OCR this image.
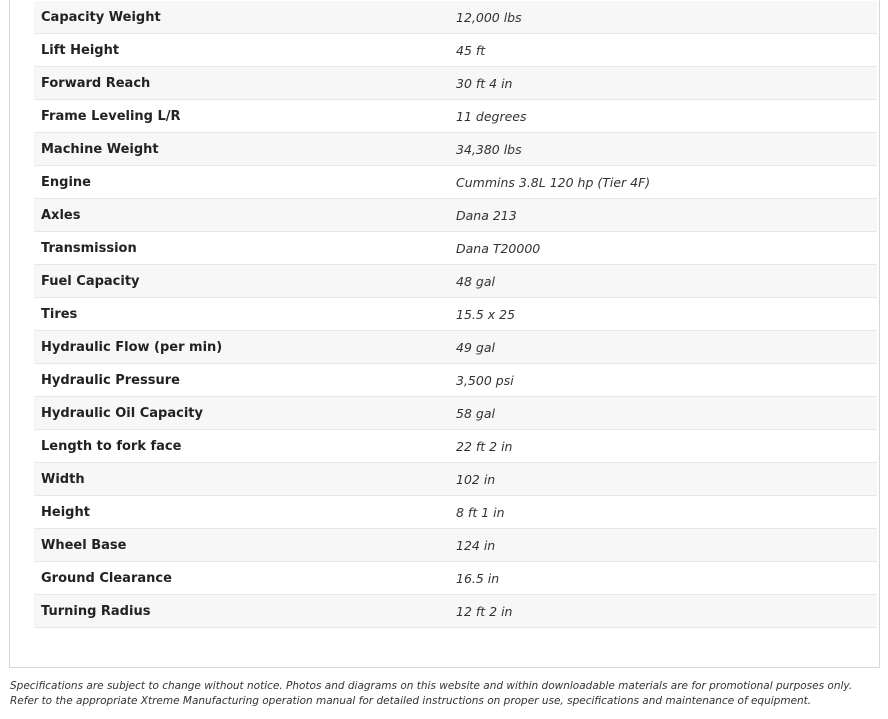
Capacity Weight	12,000 lbs
Lift Height	45 ft
Forward Reach	30 ft 4 in
Frame Leveling L/R	11 degrees
Machine Weight	34,380 lbs
Engine	Cummins 3.8L 120 hp (Tier 4F)
Axles	Dana 213
Transmission	Dana T20000
Fuel Capacity	48 gal
Tires	15.5 x 25
Hydraulic Flow (per min)	49 gal
Hydraulic Pressure	3,500 psi
Hydraulic Oil Capacity	58 gal
Length to fork face	22 ft 2 in
Width	102 in
Height	8 ft 1 in
Wheel Base	124 in
Ground Clearance	16.5 in
Turning Radius	12 ft 2 in

Specifications are subject to change without notice. Photos and diagrams on this website and within downloadable materials are for promotional purposes only. Refer to the appropriate Xtreme Manufacturing operation manual for detailed instructions on proper use, specifications and maintenance of equipment.
